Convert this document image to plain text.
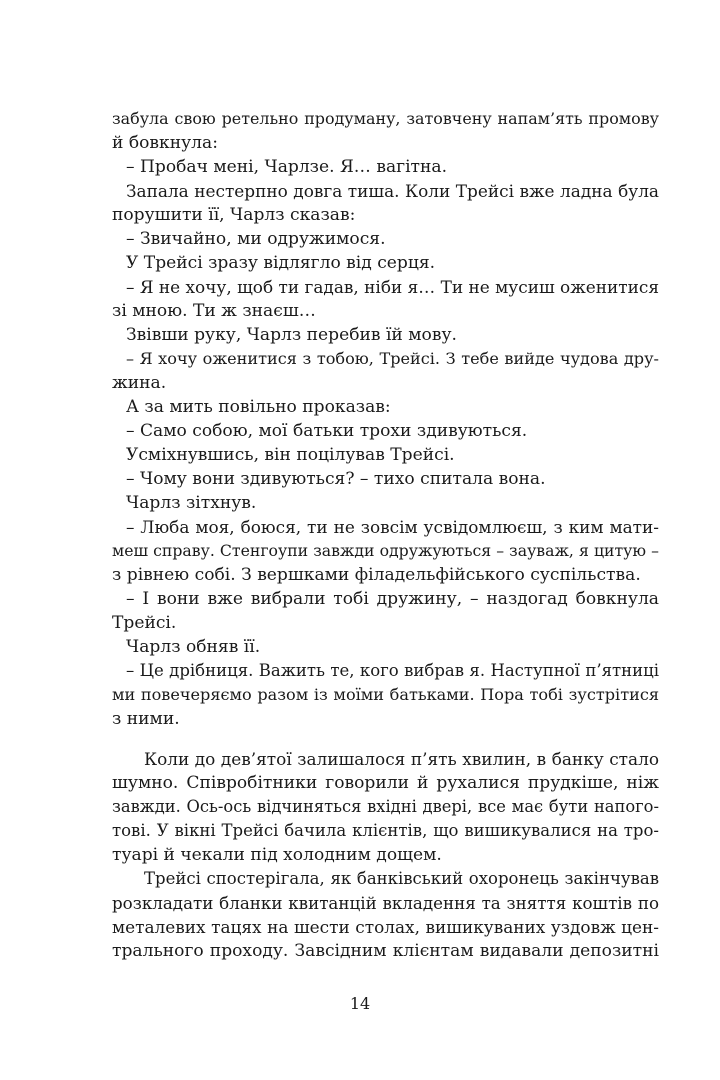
забула свою ретельно продуману, затовчену напам’ять промову

й бовкнула:

– Пробач мені, Чарлзе. Я… вагітна.

Запала нестерпно довга тиша. Коли Трейсі вже ладна була

порушити її, Чарлз сказав:

– Звичайно, ми одружимося.

У Трейсі зразу відлягло від серця.

– Я не хочу, щоб ти гадав, ніби я… Ти не мусиш оженитися

зі мною. Ти ж знаєш…

Звівши руку, Чарлз перебив їй мову.

– Я хочу оженитися з тобою, Трейсі. З тебе вийде чудова дру-

жина.

А за мить повільно проказав:

– Само собою, мої батьки трохи здивуються.

Усміхнувшись, він поцілував Трейсі.

– Чому вони здивуються? – тихо спитала вона.

Чарлз зітхнув.

– Люба моя, боюся, ти не зовсім усвідомлюєш, з ким мати-

меш справу. Стенгоупи завжди одружуються – зауваж, я цитую –

з рівнею собі. З вершками філадельфійського суспільства.

– І вони вже вибрали тобі дружину, – наздогад бовкнула

Трейсі.

Чарлз обняв її.

– Це дрібниця. Важить те, кого вибрав я. Наступної п’ятниці

ми повечеряємо разом із моїми батьками. Пора тобі зустрітися

з ними.

Коли до дев’ятої залишалося п’ять хвилин, в банку стало

шумно. Співробітники говорили й рухалися прудкіше, ніж

завжди. Ось-ось відчиняться вхідні двері, все має бути напого-

тові. У вікні Трейсі бачила клієнтів, що вишикувалися на тро-

туарі й чекали під холодним дощем.

Трейсі спостерігала, як банківський охоронець закінчував

розкладати бланки квитанцій вкладення та зняття коштів по

металевих тацях на шести столах, вишикуваних уздовж цен-

трального проходу. Завсідним клієнтам видавали депозитні

14
